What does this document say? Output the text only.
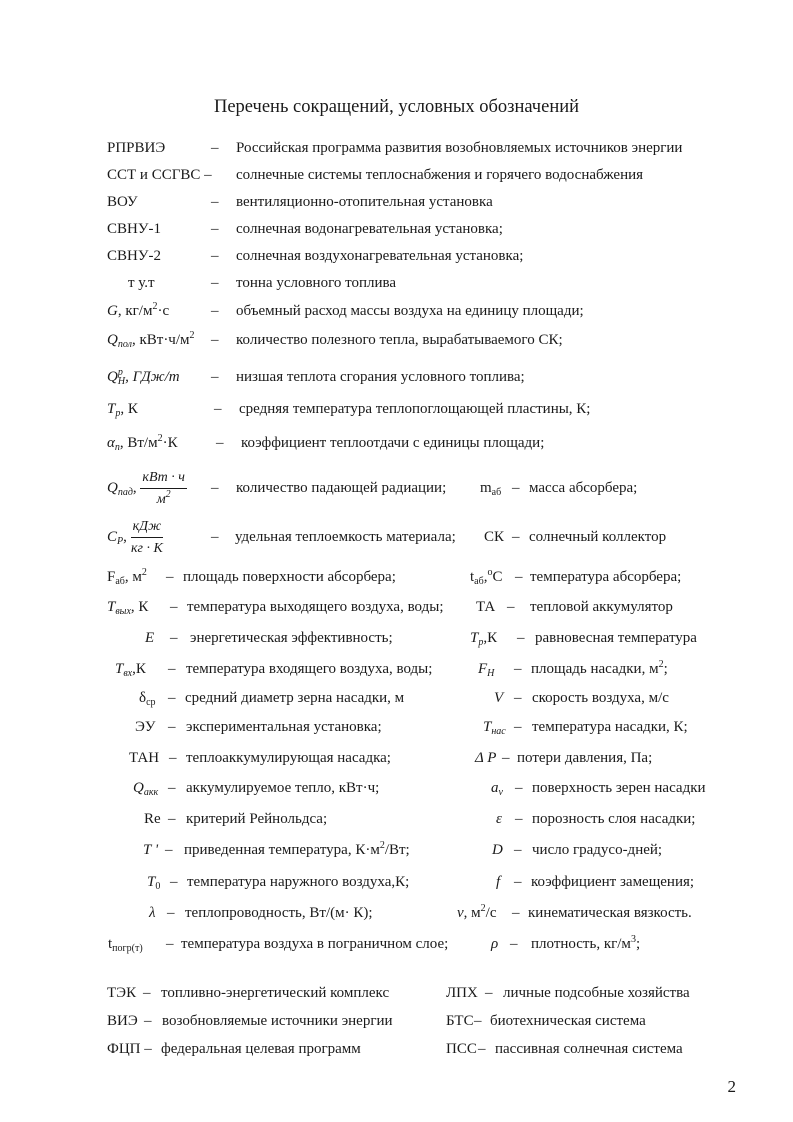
Перечень сокращений, условных обозначений
РПРВИЭ	– Российская программа развития возобновляемых источников энергии
ССТ и ССГВС – солнечные системы теплоснабжения и горячего водоснабжения
ВОУ	– вентиляционно-отопительная установка
СВНУ-1	– солнечная водонагревательная установка;
СВНУ-2	– солнечная воздухонагревательная установка;
т у.т	– тонна условного топлива
G, $кг/м^2\cdot с$	– объемный расход массы воздуха на единицу площади;
$Q_{пол}$, $кВт\cdot ч/м^2$ – количество полезного тепла, вырабатываемого СК;
$Q^р_Н$, ГДж/т – низшая теплота сгорания условного топлива;
$T_р$, К	– средняя температура теплопоглощающей пластины, К;
$\alpha_п$, $Вт/м^2\cdot К$	– коэффициент теплоотдачи с единицы площади;
$Q_{пад}$, $\frac{\text{кВт · ч}}{м^2}$ – количество падающей радиации; $m_{аб}$ – масса абсорбера;
$C_Р$, $\frac{\text{кДж}}{кг \cdot К}$	– удельная теплоемкость материала; СК – солнечный коллектор
$F_{аб}$, $м^2$ – площадь поверхности абсорбера;	$t_{аб},^оС$ – температура абсорбера;
$T_{вых}$, К – температура выходящего воздуха, воды; ТА – тепловой аккумулятор
E – энергетическая эффективность;	$T_р,К$ – равновесная температура
$T_{вх},К$ – температура входящего воздуха, воды;	$F_Н$ – площадь насадки, $м^2$;
$\delta_{ср}$ – средний диаметр зерна насадки, м	V – скорость воздуха, м/с
ЭУ – экспериментальная установка;	$T_{нас}$ – температура насадки, К;
ТАН – теплоаккумулирующая насадка;	Δ P – потери давления, Па;
$Q_{акк}$ – аккумулируемое тепло, кВт·ч;	$a_\nu$ – поверхность зерен насадки
Re – критерий Рейнольдса;	ε – порозность слоя насадки;
T ' – приведенная температура, $К\cdot м^2/Вт$;	D – число градусо-дней;
$T_0$ – температура наружного воздуха,К;	f – коэффициент замещения;
λ – теплопроводность, Вт/(м· К);	ν, $м^2/с$ – кинематическая вязкость.
$t_{погр(т)}$ – температура воздуха в пограничном слое;	ρ – плотность, $кг/м^3$;
ТЭК – топливно-энергетический комплекс	ЛПХ – личные подсобные хозяйства
ВИЭ – возобновляемые источники энергии	БТС – биотехническая система
ФЦП – федеральная целевая программ	ПСС – пассивная солнечная система
2
